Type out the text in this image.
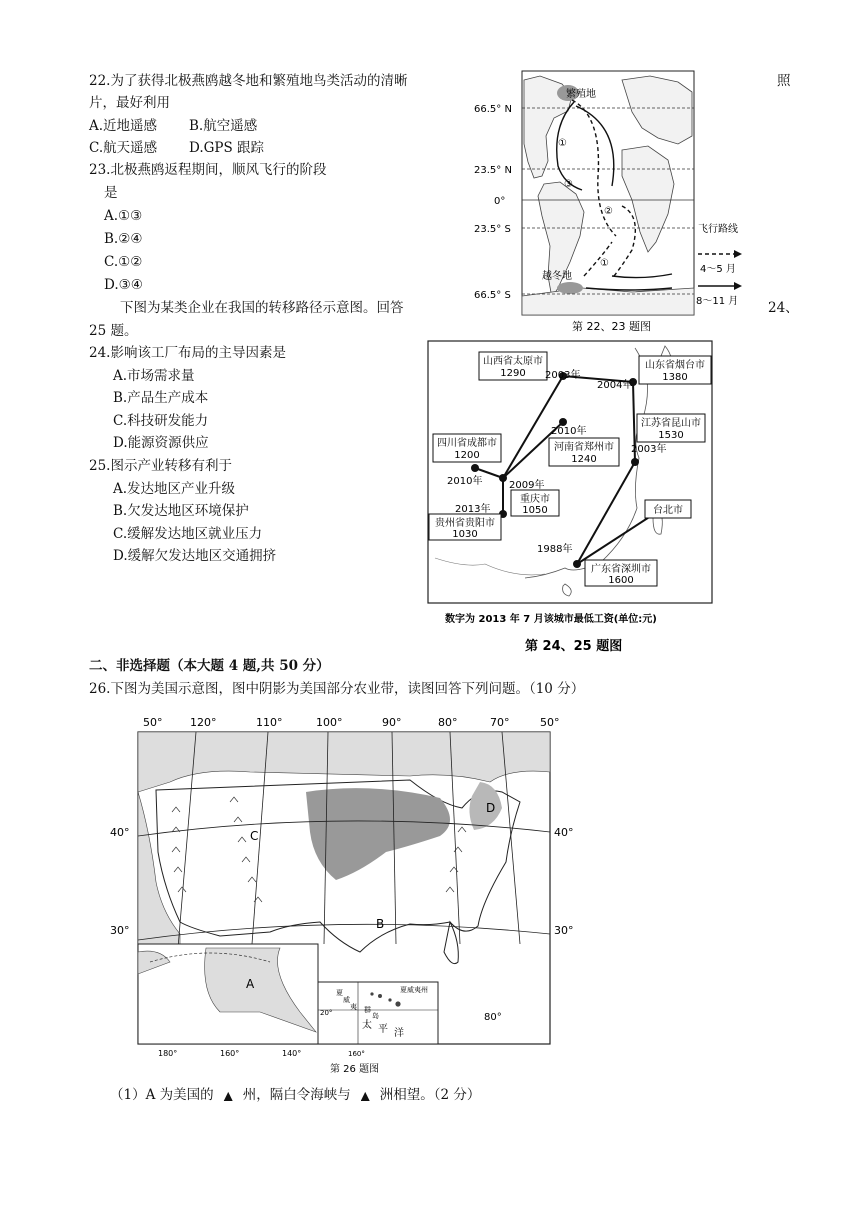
22.为了获得北极燕鸥越冬地和繁殖地鸟类活动的清晰	照
片，最好利用
A.近地遥感 B.航空遥感
C.航天遥感 D.GPS 跟踪
23.北极燕鸥返程期间，顺风飞行的阶段
是
A.①③
B.②④
C.①②
D.③④
下图为某类企业在我国的转移路径示意图。回答	24、
25 题。
24.影响该工厂布局的主导因素是
A.市场需求量
B.产品生产成本
C.科技研发能力
D.能源资源供应
25.图示产业转移有利于
A.发达地区产业升级
B.欠发达地区环境保护
C.缓解发达地区就业压力
D.缓解欠发达地区交通拥挤
66.5° N
23.5° N
0°
23.5° S
66.5° S
繁殖地
越冬地
①
②
③
①
飞行路线
4～5 月
8～11 月
第 22、23 题图
山西省太原市
1290
山东省烟台市
1380
四川省成都市
1200
河南省郑州市
1240
江苏省昆山市
1530
重庆市
1050
贵州省贵阳市
1030
台北市
广东省深圳市
1600
2003年
2004年
2010年
2003年
2010年	2009年
2013年
1988年
数字为 2013 年 7 月该城市最低工资(单位:元)
第 24、25 题图
二、非选择题（本大题 4 题,共 50 分）
26.下图为美国示意图，图中阴影为美国部分农业带，读图回答下列问题。（10 分）
50°	120°	110°	100°	90°	80°	70°	50°
40°
30°
40°
30°
B
C
D
A
180°	160°	140°
夏威夷州
20°
160°
夏
威
夷 群
岛
太 平 洋
80°
第 26 题图
（1）A 为美国的 ▲ 州，隔白令海峡与 ▲ 洲相望。（2 分）
